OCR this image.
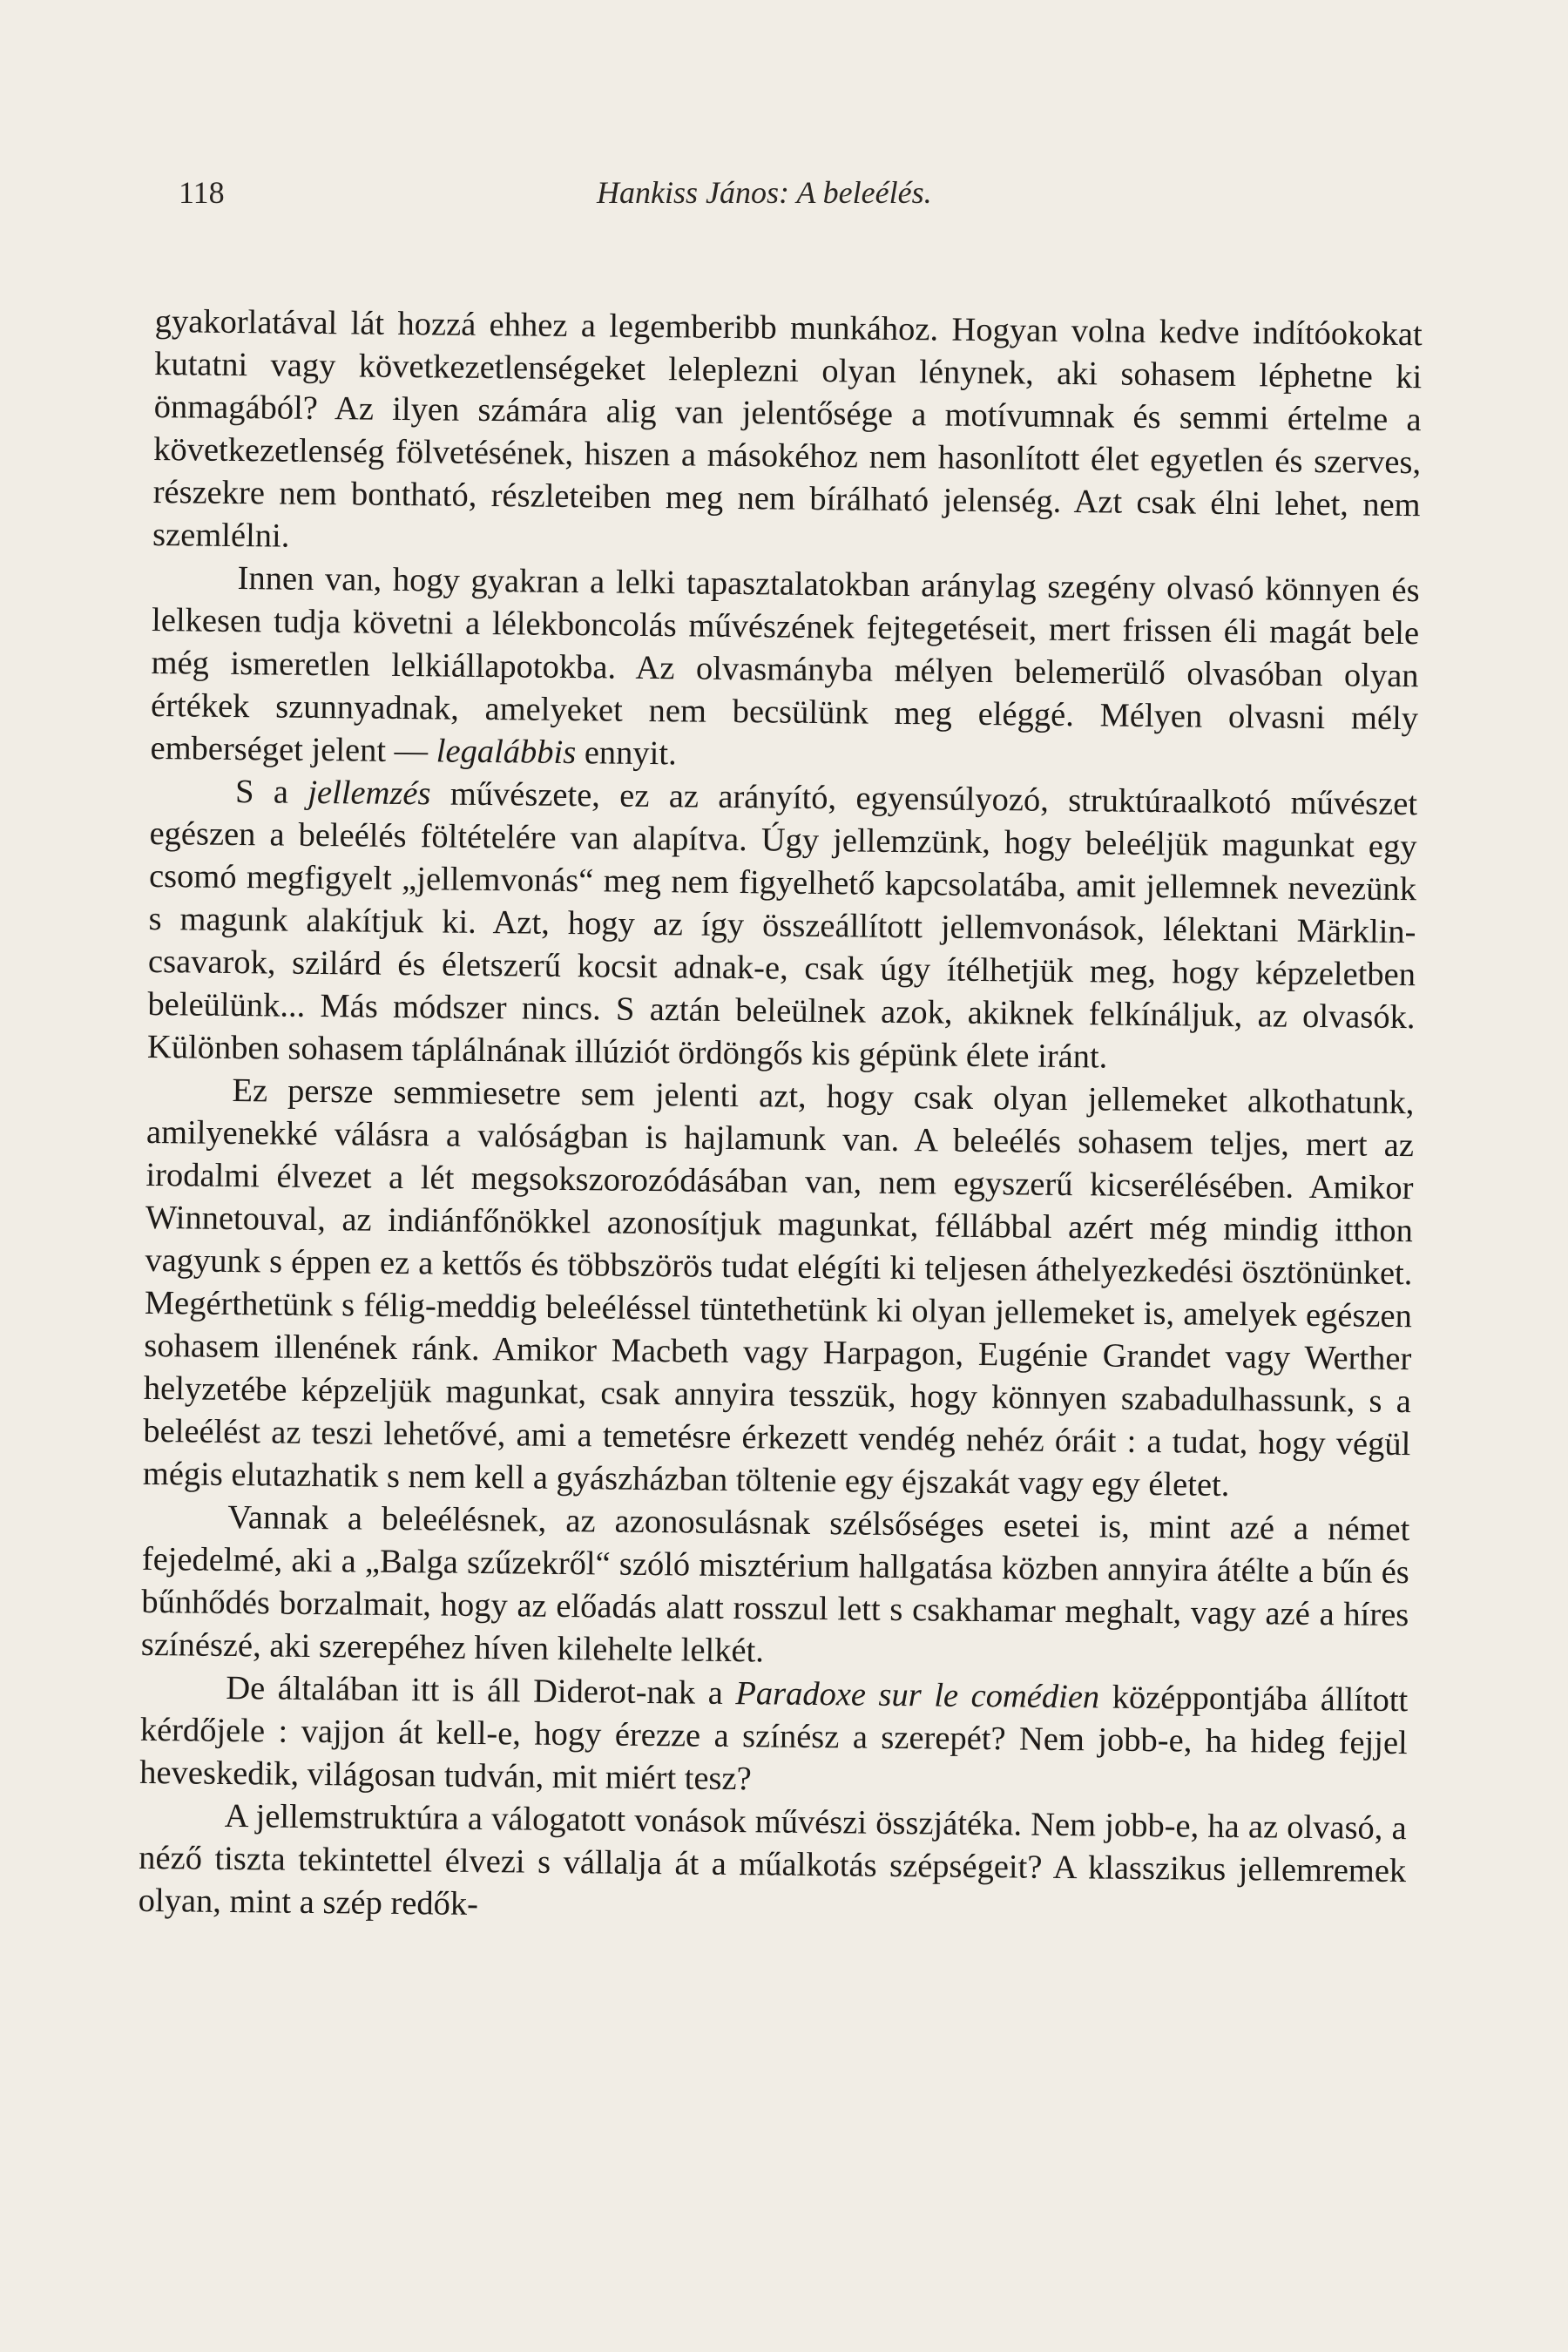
118	Hankiss János: A beleélés.

gyakorlatával lát hozzá ehhez a legemberibb munkához. Hogyan volna kedve indítóokokat kutatni vagy következetlenségeket leleplezni olyan lénynek, aki sohasem léphetne ki önmagából? Az ilyen számára alig van jelentősége a motívumnak és semmi értelme a következetlenség fölvetésének, hiszen a másokéhoz nem hasonlított élet egyetlen és szerves, részekre nem bontható, részleteiben meg nem bírálható jelenség. Azt csak élni lehet, nem szemlélni.

Innen van, hogy gyakran a lelki tapasztalatokban aránylag szegény olvasó könnyen és lelkesen tudja követni a lélekboncolás művészének fejtegetéseit, mert frissen éli magát bele még ismeretlen lelkiállapotokba. Az olvasmányba mélyen belemerülő olvasóban olyan értékek szunnyadnak, amelyeket nem becsülünk meg eléggé. Mélyen olvasni mély emberséget jelent — legalábbis ennyit.

S a jellemzés művészete, ez az arányító, egyensúlyozó, struktúraalkotó művészet egészen a beleélés föltételére van alapítva. Úgy jellemzünk, hogy beleéljük magunkat egy csomó megfigyelt „jellemvonás“ meg nem figyelhető kapcsolatába, amit jellemnek nevezünk s magunk alakítjuk ki. Azt, hogy az így összeállított jellemvonások, lélektani Märklin-csavarok, szilárd és életszerű kocsit adnak-e, csak úgy ítélhetjük meg, hogy képzeletben beleülünk... Más módszer nincs. S aztán beleülnek azok, akiknek felkínáljuk, az olvasók. Különben sohasem táplálnának illúziót ördöngős kis gépünk élete iránt.

Ez persze semmiesetre sem jelenti azt, hogy csak olyan jellemeket alkothatunk, amilyenekké válásra a valóságban is hajlamunk van. A beleélés sohasem teljes, mert az irodalmi élvezet a lét megsokszorozódásában van, nem egyszerű kicserélésében. Amikor Winnetouval, az indiánfőnökkel azonosítjuk magunkat, féllábbal azért még mindig itthon vagyunk s éppen ez a kettős és többszörös tudat elégíti ki teljesen áthelyezkedési ösztönünket. Megérthetünk s félig-meddig beleéléssel tüntethetünk ki olyan jellemeket is, amelyek egészen sohasem illenének ránk. Amikor Macbeth vagy Harpagon, Eugénie Grandet vagy Werther helyzetébe képzeljük magunkat, csak annyira tesszük, hogy könnyen szabadulhassunk, s a beleélést az teszi lehetővé, ami a temetésre érkezett vendég nehéz óráit : a tudat, hogy végül mégis elutazhatik s nem kell a gyászházban töltenie egy éjszakát vagy egy életet.

Vannak a beleélésnek, az azonosulásnak szélsőséges esetei is, mint azé a német fejedelmé, aki a „Balga szűzekről“ szóló misztérium hallgatása közben annyira átélte a bűn és bűnhődés borzalmait, hogy az előadás alatt rosszul lett s csakhamar meghalt, vagy azé a híres színészé, aki szerepéhez híven kilehelte lelkét.

De általában itt is áll Diderot-nak a Paradoxe sur le comédien középpontjába állított kérdőjele : vajjon át kell-e, hogy érezze a színész a szerepét? Nem jobb-e, ha hideg fejjel heveskedik, világosan tudván, mit miért tesz?

A jellemstruktúra a válogatott vonások művészi összjátéka. Nem jobb-e, ha az olvasó, a néző tiszta tekintettel élvezi s vállalja át a műalkotás szépségeit? A klasszikus jellemremek olyan, mint a szép redők-
